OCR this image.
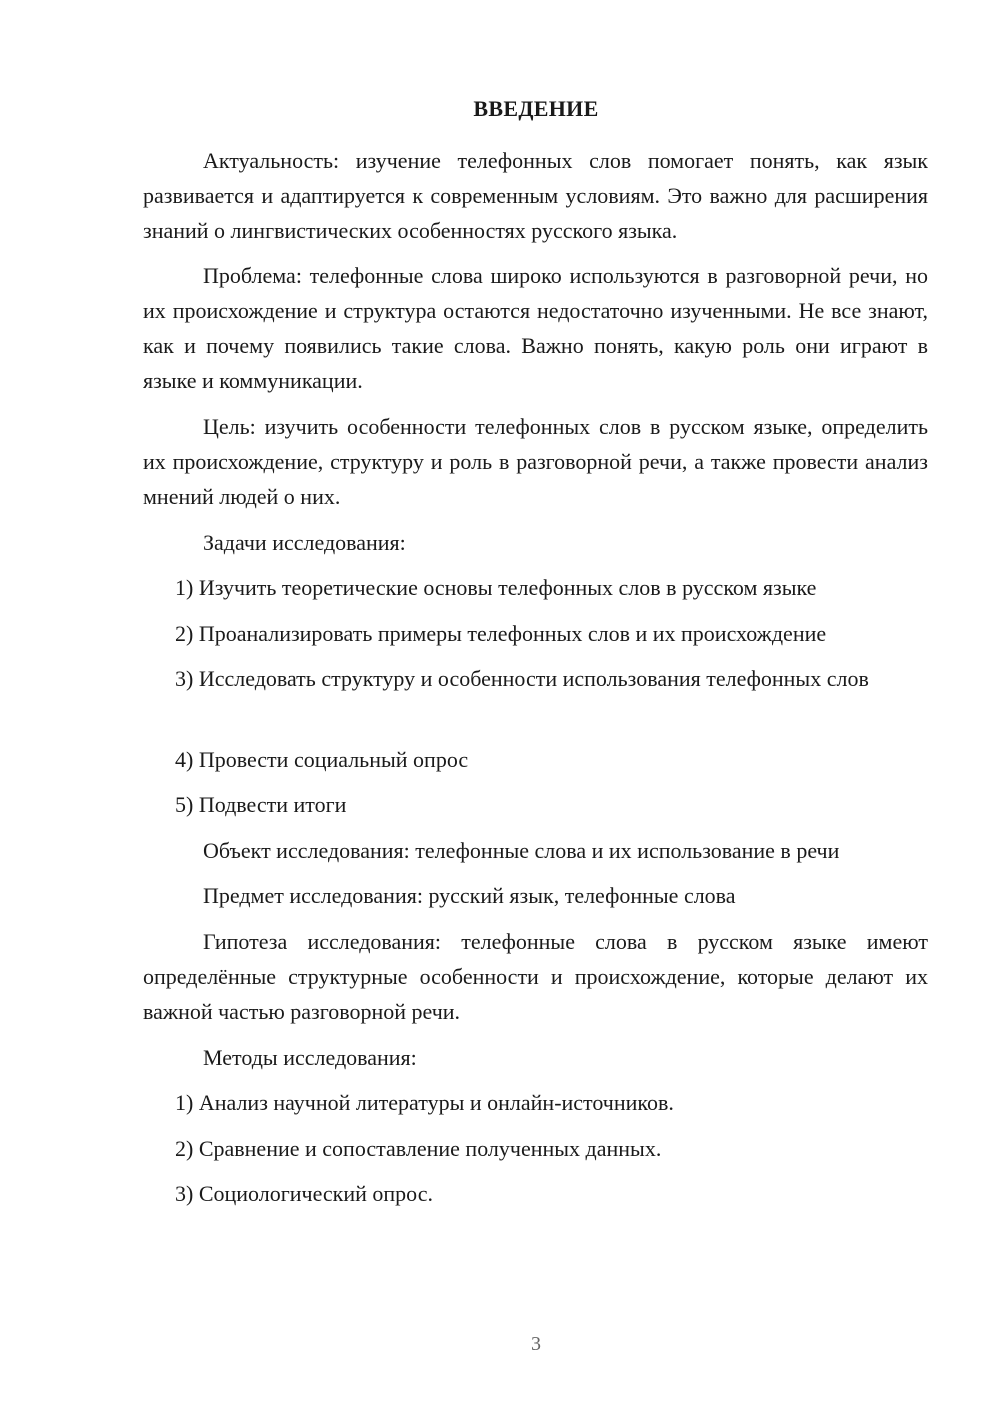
ВВЕДЕНИЕ

Актуальность: изучение телефонных слов помогает понять, как язык развивается и адаптируется к современным условиям. Это важно для расширения знаний о лингвистических особенностях русского языка.

Проблема: телефонные слова широко используются в разговорной речи, но их происхождение и структура остаются недостаточно изученными. Не все знают, как и почему появились такие слова. Важно понять, какую роль они играют в языке и коммуникации.

Цель: изучить особенности телефонных слов в русском языке, определить их происхождение, структуру и роль в разговорной речи, а также провести анализ мнений людей о них.

Задачи исследования:

1) Изучить теоретические основы телефонных слов в русском языке

2) Проанализировать примеры телефонных слов и их происхождение

3) Исследовать структуру и особенности использования телефонных слов

4) Провести социальный опрос

5) Подвести итоги

Объект исследования: телефонные слова и их использование в речи

Предмет исследования: русский язык, телефонные слова

Гипотеза исследования: телефонные слова в русском языке имеют определённые структурные особенности и происхождение, которые делают их важной частью разговорной речи.

Методы исследования:

1) Анализ научной литературы и онлайн-источников.

2) Сравнение и сопоставление полученных данных.

3) Социологический опрос.

3
